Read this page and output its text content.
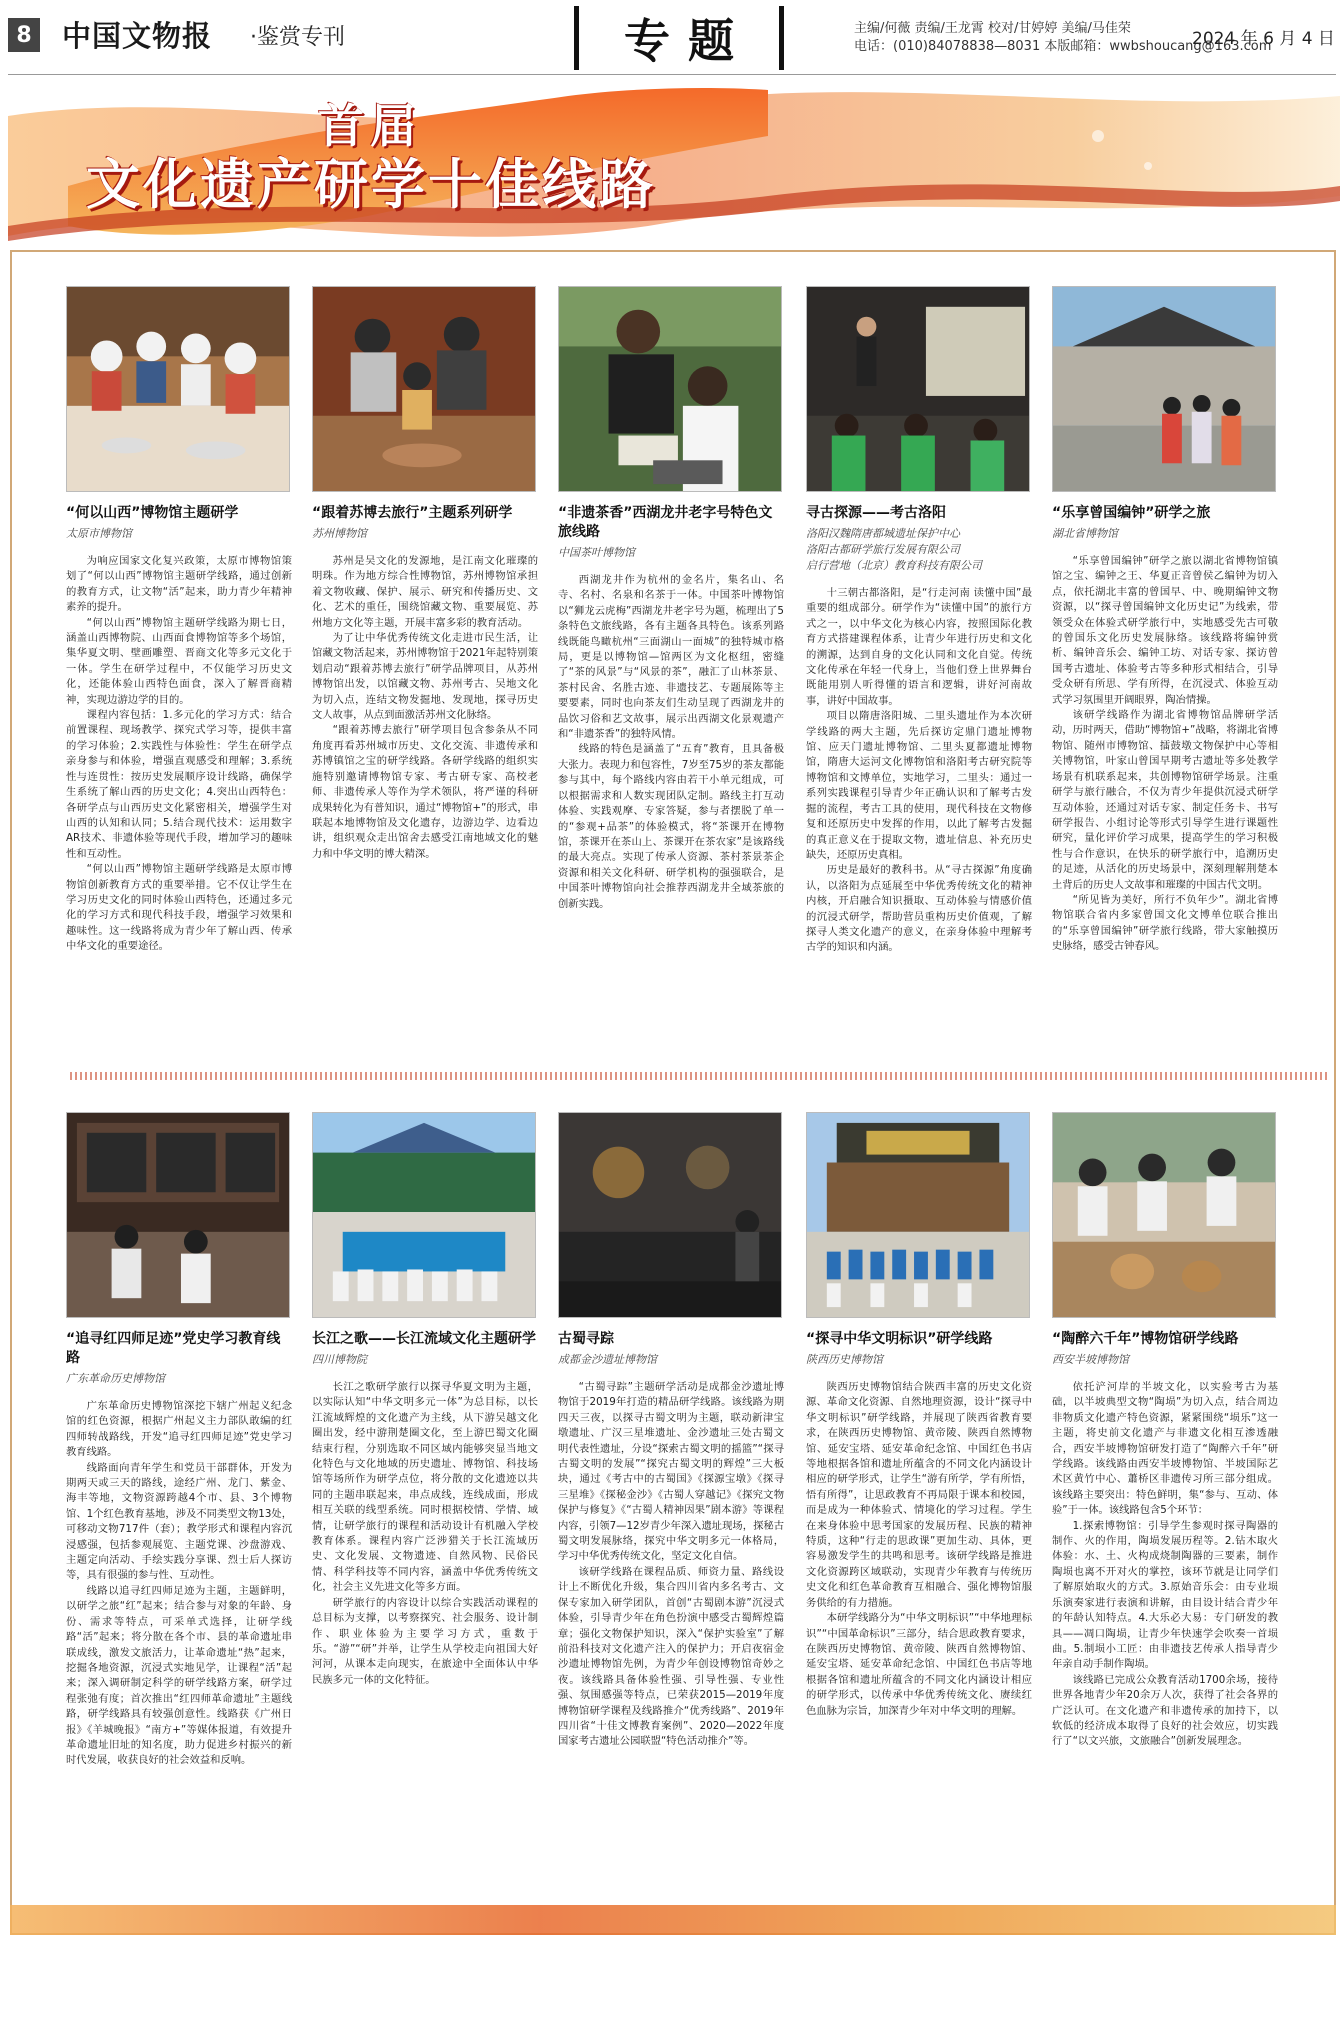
8 中国文物报 ·鉴赏专刊	专题	主编/何薇 责编/王龙霄 校对/甘婷婷 美编/马佳荣
电话：(010)84078838—8031 本版邮箱：wwbshoucang@163.com
2024 年 6 月 4 日
首届
文化遗产研学十佳线路
“何以山西”博物馆主题研学
太原市博物馆

为响应国家文化复兴政策，太原市博物馆策划了“何以山西”博物馆主题研学线路，通过创新的教育方式，让文物“活”起来，助力青少年精神素养的提升。

“何以山西”博物馆主题研学线路为期七日，涵盖山西博物院、山西面食博物馆等多个场馆，集华夏文明、壁画雕塑、晋商文化等多元文化于一体。学生在研学过程中，不仅能学习历史文化，还能体验山西特色面食，深入了解晋商精神，实现边游边学的目的。

课程内容包括：1.多元化的学习方式：结合前置课程、现场教学、探究式学习等，提供丰富的学习体验；2.实践性与体验性：学生在研学点亲身参与和体验，增强直观感受和理解；3.系统性与连贯性：按历史发展顺序设计线路，确保学生系统了解山西的历史文化；4.突出山西特色：各研学点与山西历史文化紧密相关，增强学生对山西的认知和认同；5.结合现代技术：运用数字AR技术、非遗体验等现代手段，增加学习的趣味性和互动性。

“何以山西”博物馆主题研学线路是太原市博物馆创新教育方式的重要举措。它不仅让学生在学习历史文化的同时体验山西特色，还通过多元化的学习方式和现代科技手段，增强学习效果和趣味性。这一线路将成为青少年了解山西、传承中华文化的重要途径。

“跟着苏博去旅行”主题系列研学
苏州博物馆

苏州是吴文化的发源地，是江南文化璀璨的明珠。作为地方综合性博物馆，苏州博物馆承担着文物收藏、保护、展示、研究和传播历史、文化、艺术的重任，围绕馆藏文物、重要展览、苏州地方文化等主题，开展丰富多彩的教育活动。

为了让中华优秀传统文化走进市民生活，让馆藏文物活起来，苏州博物馆于2021年起特别策划启动“跟着苏博去旅行”研学品牌项目，从苏州博物馆出发，以馆藏文物、苏州考古、吴地文化为切入点，连结文物发掘地、发现地，探寻历史文人故事，从点到面激活苏州文化脉络。

“跟着苏博去旅行”研学项目包含参条从不同角度再看苏州城市历史、文化交流、非遗传承和苏博镇馆之宝的研学线路。各研学线路的组织实施特别邀请博物馆专家、考古研专家、高校老师、非遗传承人等作为学术领队，将严谨的科研成果转化为有普知识，通过“博物馆+”的形式，串联起本地博物馆及文化遗存，边游边学、边看边讲，组织观众走出馆舍去感受江南地域文化的魅力和中华文明的博大精深。

“非遗茶香”西湖龙井老字号特色文旅线路
中国茶叶博物馆

西湖龙井作为杭州的金名片，集名山、名寺、名村、名泉和名茶于一体。中国茶叶博物馆以“狮龙云虎梅”西湖龙井老字号为题，梳理出了5条特色文旅线路，各有主题各具特色。该系列路线既能鸟瞰杭州“三面湖山一面城”的独特城市格局，更是以博物馆—馆两区为文化枢纽，密缝了“茶的风景”与“风景的茶”，融汇了山林茶景、茶村民舍、名胜古迹、非遗技艺、专题展陈等主要要素，同时也向茶友们生动呈现了西湖龙井的品饮习俗和艺文故事，展示出西湖文化景观遗产和“非遗茶香”的独特风情。

线路的特色是涵盖了“五育”教育，且具备极大张力。表现力和包容性，7岁至75岁的茶友都能参与其中，每个路线内容由若干小单元组成，可以根据需求和人数实现团队定制。路线主打互动体验、实践观摩、专家答疑，参与者摆脱了单一的“参观+品茶”的体验模式，将“茶课开在博物馆，茶课开在茶山上、茶课开在茶农家”是该路线的最大亮点。实现了传承人资源、茶村茶景茶企资源和相关文化科研、研学机构的强强联合，是中国茶叶博物馆向社会推荐西湖龙井全域茶旅的创新实践。

寻古探源——考古洛阳
洛阳汉魏隋唐都城遗址保护中心
洛阳古都研学旅行发展有限公司
启行营地（北京）教育科技有限公司

十三朝古都洛阳，是“行走河南 读懂中国”最重要的组成部分。研学作为“读懂中国”的旅行方式之一，以中华文化为核心内容，按照国际化教育方式搭建课程体系，让青少年进行历史和文化的溯源，达到自身的文化认同和文化自觉。传统文化传承在年轻一代身上，当他们登上世界舞台既能用别人听得懂的语言和逻辑，讲好河南故事，讲好中国故事。

项目以隋唐洛阳城、二里头遗址作为本次研学线路的两大主题，先后探访定鼎门遗址博物馆、应天门遗址博物馆、二里头夏都遗址博物馆，隋唐大运河文化博物馆和洛阳考古研究院等博物馆和文博单位，实地学习，二里头：通过一系列实践课程引导青少年正确认识和了解考古发掘的流程，考古工具的使用，现代科技在文物修复和还原历史中发挥的作用，以此了解考古发掘的真正意义在于提取文物，遗址信息、补充历史缺失，还原历史真相。

历史是最好的教科书。从“寻古探源”角度确认，以洛阳为点延展至中华优秀传统文化的精神内核，开启融合知识摄取、互动体验与情感价值的沉浸式研学，帮助营员重构历史价值观，了解探寻人类文化遗产的意义，在亲身体验中理解考古学的知识和内涵。

“乐享曾国编钟”研学之旅
湖北省博物馆

“乐享曾国编钟”研学之旅以湖北省博物馆镇馆之宝、编钟之王、华夏正音曾侯乙编钟为切入点，依托湖北丰富的曾国早、中、晚期编钟文物资源，以“探寻曾国编钟文化历史记”为线索，带领受众在体验式研学旅行中，实地感受先古可敬的曾国乐文化历史发展脉络。该线路将编钟赏析、编钟音乐会、编钟工坊、对话专家、探访曾国考古遗址、体验考古等多种形式相结合，引导受众研有所思、学有所得，在沉浸式、体验互动式学习氛围里开阔眼界，陶冶情操。

该研学线路作为湖北省博物馆品牌研学活动，历时两天，借助“博物馆+”战略，将湖北省博物馆、随州市博物馆、擂鼓墩文物保护中心等相关博物馆，叶家山曾国早期考古遗址等多处教学场景有机联系起来，共创博物馆研学场景。注重研学与旅行融合，不仅为青少年提供沉浸式研学互动体验，还通过对话专家、制定任务卡、书写研学报告、小组讨论等形式引导学生进行课题性研究，量化评价学习成果，提高学生的学习积极性与合作意识，在快乐的研学旅行中，追溯历史的足迹，从活化的历史场景中，深刻理解荆楚本土背后的历史人文故事和璀璨的中国古代文明。

“所见皆为美好，所行不负年少”。湖北省博物馆联合省内多家曾国文化文博单位联合推出的“乐享曾国编钟”研学旅行线路，带大家触摸历史脉络，感受古钟春风。

“追寻红四师足迹”党史学习教育线路
广东革命历史博物馆

广东革命历史博物馆深挖下辖广州起义纪念馆的红色资源，根据广州起义主力部队敢编的红四师转战路线，开发“追寻红四师足迹”党史学习教育线路。

线路面向青年学生和党员干部群体，开发为期两天或三天的路线，途经广州、龙门、紫金、海丰等地，文物资源跨越4个市、县、3个博物馆、1个红色教育基地，涉及不同类型文物13处，可移动文物717件（套）；教学形式和课程内容沉浸感强，包括参观展览、主题党课、沙盘游戏、主题定向活动、手绘实践分享课、烈士后人探访等，具有很强的参与性、互动性。

线路以追寻红四师足迹为主题，主题鲜明，以研学之旅“红”起来；结合参与对象的年龄、身份、需求等特点，可采单式选择，让研学线路“活”起来；将分散在各个市、县的革命遗址串联成线，激发文旅活力，让革命遗址“热”起来，挖掘各地资源，沉浸式实地见学，让课程“活”起来；深入调研制定科学的研学线路方案，研学过程张弛有度；首次推出“红四师革命遗址”主题线路，研学线路具有较强创意性。线路获《广州日报》《羊城晚报》“南方+”等媒体报道，有效提升革命遗址旧址的知名度，助力促进乡村振兴的新时代发展，收获良好的社会效益和反响。

长江之歌——长江流域文化主题研学
四川博物院

长江之歌研学旅行以探寻华夏文明为主题，以实际认知“中华文明多元一体”为总目标，以长江流域辉煌的文化遗产为主线，从下游吴越文化圈出发，经中游荆楚圈文化，至上游巴蜀文化圈结束行程，分别选取不同区域内能够突显当地文化特色与文化地域的历史遗址、博物馆、科技场馆等场所作为研学点位，将分散的文化遗迹以共同的主题串联起来，串点成线，连线成面，形成相互关联的线型系统。同时根据校情、学情、域情，让研学旅行的课程和活动设计有机融入学校教育体系。课程内容广泛涉猎关于长江流域历史、文化发展、文物遗迹、自然风物、民俗民情、科学科技等不同内容，涵盖中华优秀传统文化，社会主义先进文化等多方面。

研学旅行的内容设计以综合实践活动课程的总目标为支撑，以考察探究、社会服务、设计制作、职业体验为主要学习方式，重数于乐。“游”“研”并举，让学生从学校走向祖国大好河河，从课本走向现实，在旅途中全面体认中华民族多元一体的文化特征。

古蜀寻踪
成都金沙遗址博物馆

“古蜀寻踪”主题研学活动是成都金沙遗址博物馆于2019年打造的精品研学线路。该线路为期四天三夜，以探寻古蜀文明为主题，联动新津宝墩遗址、广汉三星堆遗址、金沙遗址三处古蜀文明代表性遗址，分设“探索古蜀文明的摇篮”“探寻古蜀文明的发展”“探究古蜀文明的辉煌”三大板块，通过《考古中的古蜀国》《探源宝墩》《探寻三星堆》《探秘金沙》《古蜀人穿越记》《探究文物保护与修复》《“古蜀人精神因果”剧本游》等课程内容，引领7—12岁青少年深入遗址现场，探秘古蜀文明发展脉络，探究中华文明多元一体格局，学习中华优秀传统文化，坚定文化自信。

该研学线路在课程品质、师资力量、路线设计上不断优化升级，集合四川省内多名考古、文保专家加入研学团队，首创“古蜀剧本游”沉浸式体验，引导青少年在角色扮演中感受古蜀辉煌篇章；强化文物保护知识，深入“保护实验室”了解前沿科技对文化遗产注入的保护力；开启夜宿金沙遗址博物馆先例，为青少年创设博物馆奇妙之夜。该线路具备体验性强、引导性强、专业性强、氛围感强等特点，已荣获2015—2019年度博物馆研学课程及线路推介“优秀线路”、2019年四川省“十佳文博教育案例”、2020—2022年度国家考古遗址公园联盟“特色活动推介”等。

“探寻中华文明标识”研学线路
陕西历史博物馆

陕西历史博物馆结合陕西丰富的历史文化资源、革命文化资源、自然地理资源，设计“探寻中华文明标识”研学线路，并展现了陕西省教育要求，在陕西历史博物馆、黄帝陵、陕西自然博物馆、延安宝塔、延安革命纪念馆、中国红色书店等地根据各馆和遗址所蕴含的不同文化内涵设计相应的研学形式，让学生“游有所学，学有所悟，悟有所得”，让思政教育不再局限于课本和校园，而是成为一种体验式、情境化的学习过程。学生在来身体验中思考国家的发展历程、民族的精神特质，这种“行走的思政课”更加生动、具体，更容易激发学生的共鸣和思考。该研学线路是推进文化资源跨区域联动，实现青少年教育与传统历史文化和红色革命教育互相融合、强化博物馆服务供给的有力措施。

本研学线路分为“中华文明标识”“中华地理标识”“中国革命标识”三部分，结合思政教育要求，在陕西历史博物馆、黄帝陵、陕西自然博物馆、延安宝塔、延安革命纪念馆、中国红色书店等地根据各馆和遗址所蕴含的不同文化内涵设计相应的研学形式，以传承中华优秀传统文化、赓续红色血脉为宗旨，加深青少年对中华文明的理解。

“陶醉六千年”博物馆研学线路
西安半坡博物馆

依托浐河岸的半坡文化，以实验考古为基础，以半坡典型文物“陶埙”为切入点，结合周边非物质文化遗产特色资源，紧紧围绕“埙乐”这一主题，将史前文化遗产与非遗文化相互渗透融合，西安半坡博物馆研发打造了“陶醉六千年”研学线路。该线路由西安半坡博物馆、半坡国际艺术区黄竹中心、蕭桥区非遗传习所三部分组成。该线路主要突出：特色鲜明，集“参与、互动、体验”于一体。该线路包含5个环节：

1.探索博物馆：引导学生参观时探寻陶器的制作、火的作用，陶埙发展历程等。2.钻木取火体验：水、土、火构成烧制陶器的三要素，制作陶埙也离不开对火的掌控，该环节就是让同学们了解原始取火的方式。3.原始音乐会：由专业埙乐演奏家进行表演和讲解，由目设计结合青少年的年龄认知特点。4.大乐必大易：专门研发的教具——凋口陶埙，让青少年快速学会吹奏一首埙曲。5.制埙小工匠：由非遗技艺传承人指导青少年亲自动手制作陶埙。

该线路已完成公众教育活动1700余场，接待世界各地青少年20余万人次，获得了社会各界的广泛认可。在文化遗产和非遗传承的加持下，以软低的经济成本取得了良好的社会效应，切实践行了“以文兴旅，文旅融合”创新发展理念。
